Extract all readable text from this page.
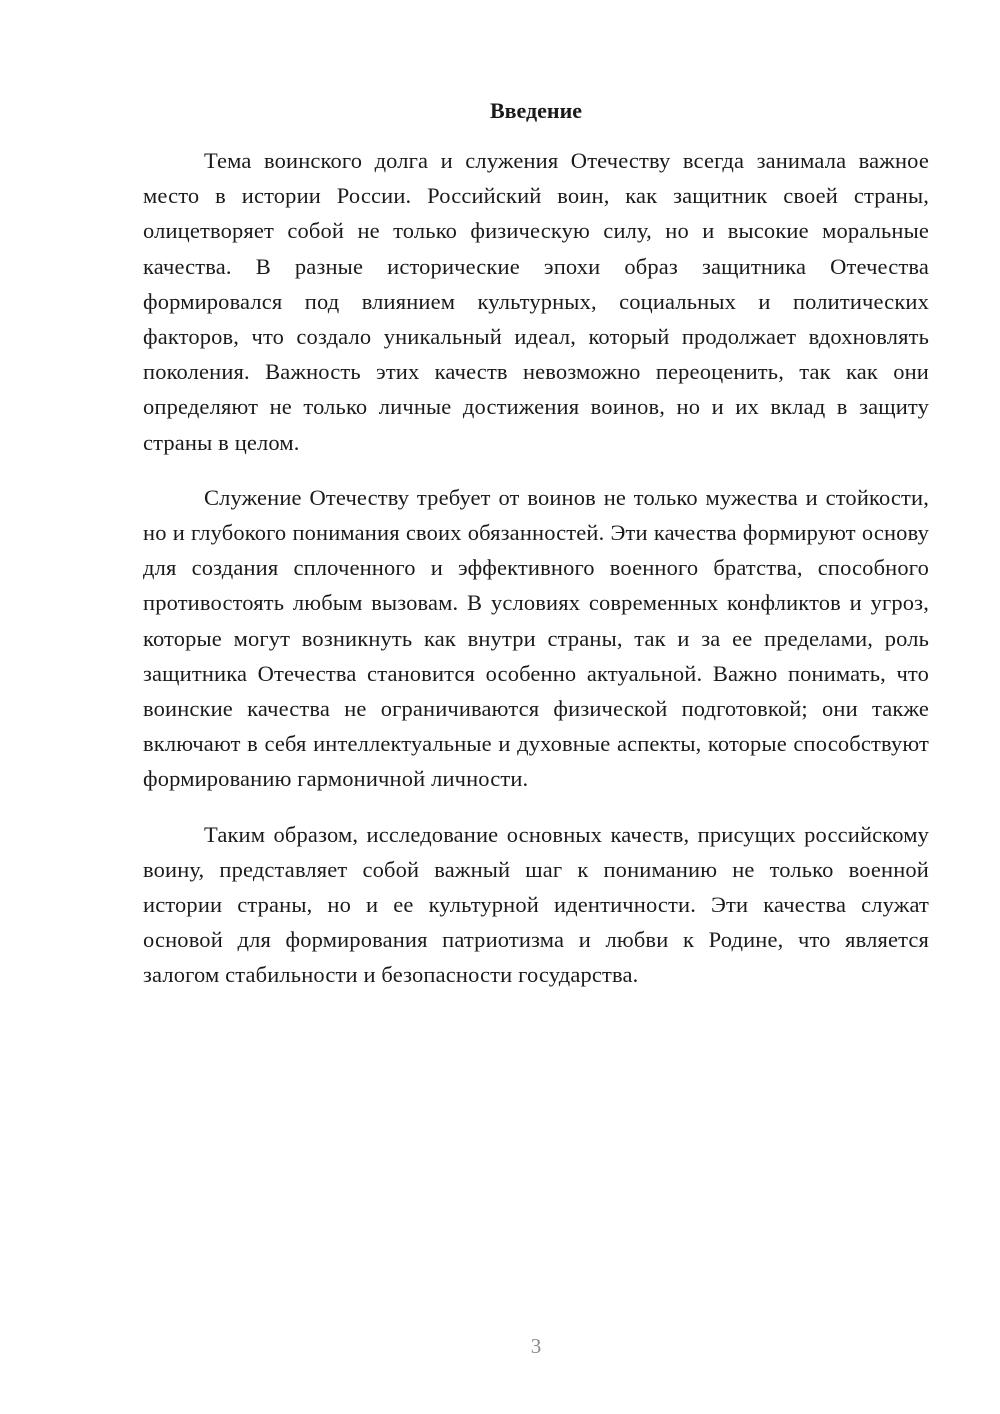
Введение

Тема воинского долга и служения Отечеству всегда занимала важное место в истории России. Российский воин, как защитник своей страны, олицетворяет собой не только физическую силу, но и высокие моральные качества. В разные исторические эпохи образ защитника Отечества формировался под влиянием культурных, социальных и политических факторов, что создало уникальный идеал, который продолжает вдохновлять поколения. Важность этих качеств невозможно переоценить, так как они определяют не только личные достижения воинов, но и их вклад в защиту страны в целом.

Служение Отечеству требует от воинов не только мужества и стойкости, но и глубокого понимания своих обязанностей. Эти качества формируют основу для создания сплоченного и эффективного военного братства, способного противостоять любым вызовам. В условиях современных конфликтов и угроз, которые могут возникнуть как внутри страны, так и за ее пределами, роль защитника Отечества становится особенно актуальной. Важно понимать, что воинские качества не ограничиваются физической подготовкой; они также включают в себя интеллектуальные и духовные аспекты, которые способствуют формированию гармоничной личности.

Таким образом, исследование основных качеств, присущих российскому воину, представляет собой важный шаг к пониманию не только военной истории страны, но и ее культурной идентичности. Эти качества служат основой для формирования патриотизма и любви к Родине, что является залогом стабильности и безопасности государства.

3
